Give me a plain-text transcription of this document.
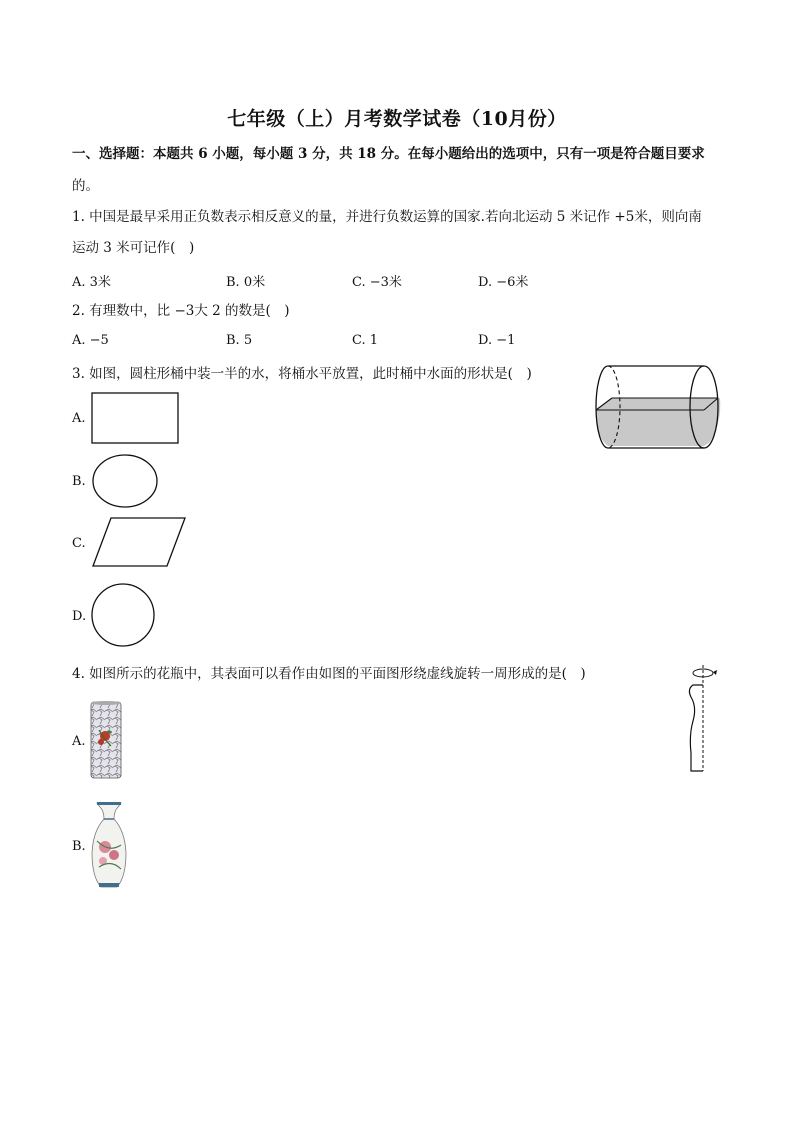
七年级（上）月考数学试卷（10月份）
一、选择题：本题共 6 小题，每小题 3 分，共 18 分。在每小题给出的选项中，只有一项是符合题目要求
的。
1. 中国是最早采用正负数表示相反意义的量，并进行负数运算的国家.若向北运动 5 米记作 +5米，则向南
运动 3 米可记作(　)
A. 3米	B. 0米	C. −3米	D. −6米
2. 有理数中，比 −3大 2 的数是(　)
A. −5	B. 5	C. 1	D. −1
3. 如图，圆柱形桶中装一半的水，将桶水平放置，此时桶中水面的形状是(　)
A.
B.
C.
D.
4. 如图所示的花瓶中，其表面可以看作由如图的平面图形绕虚线旋转一周形成的是(　)
A.
B.
